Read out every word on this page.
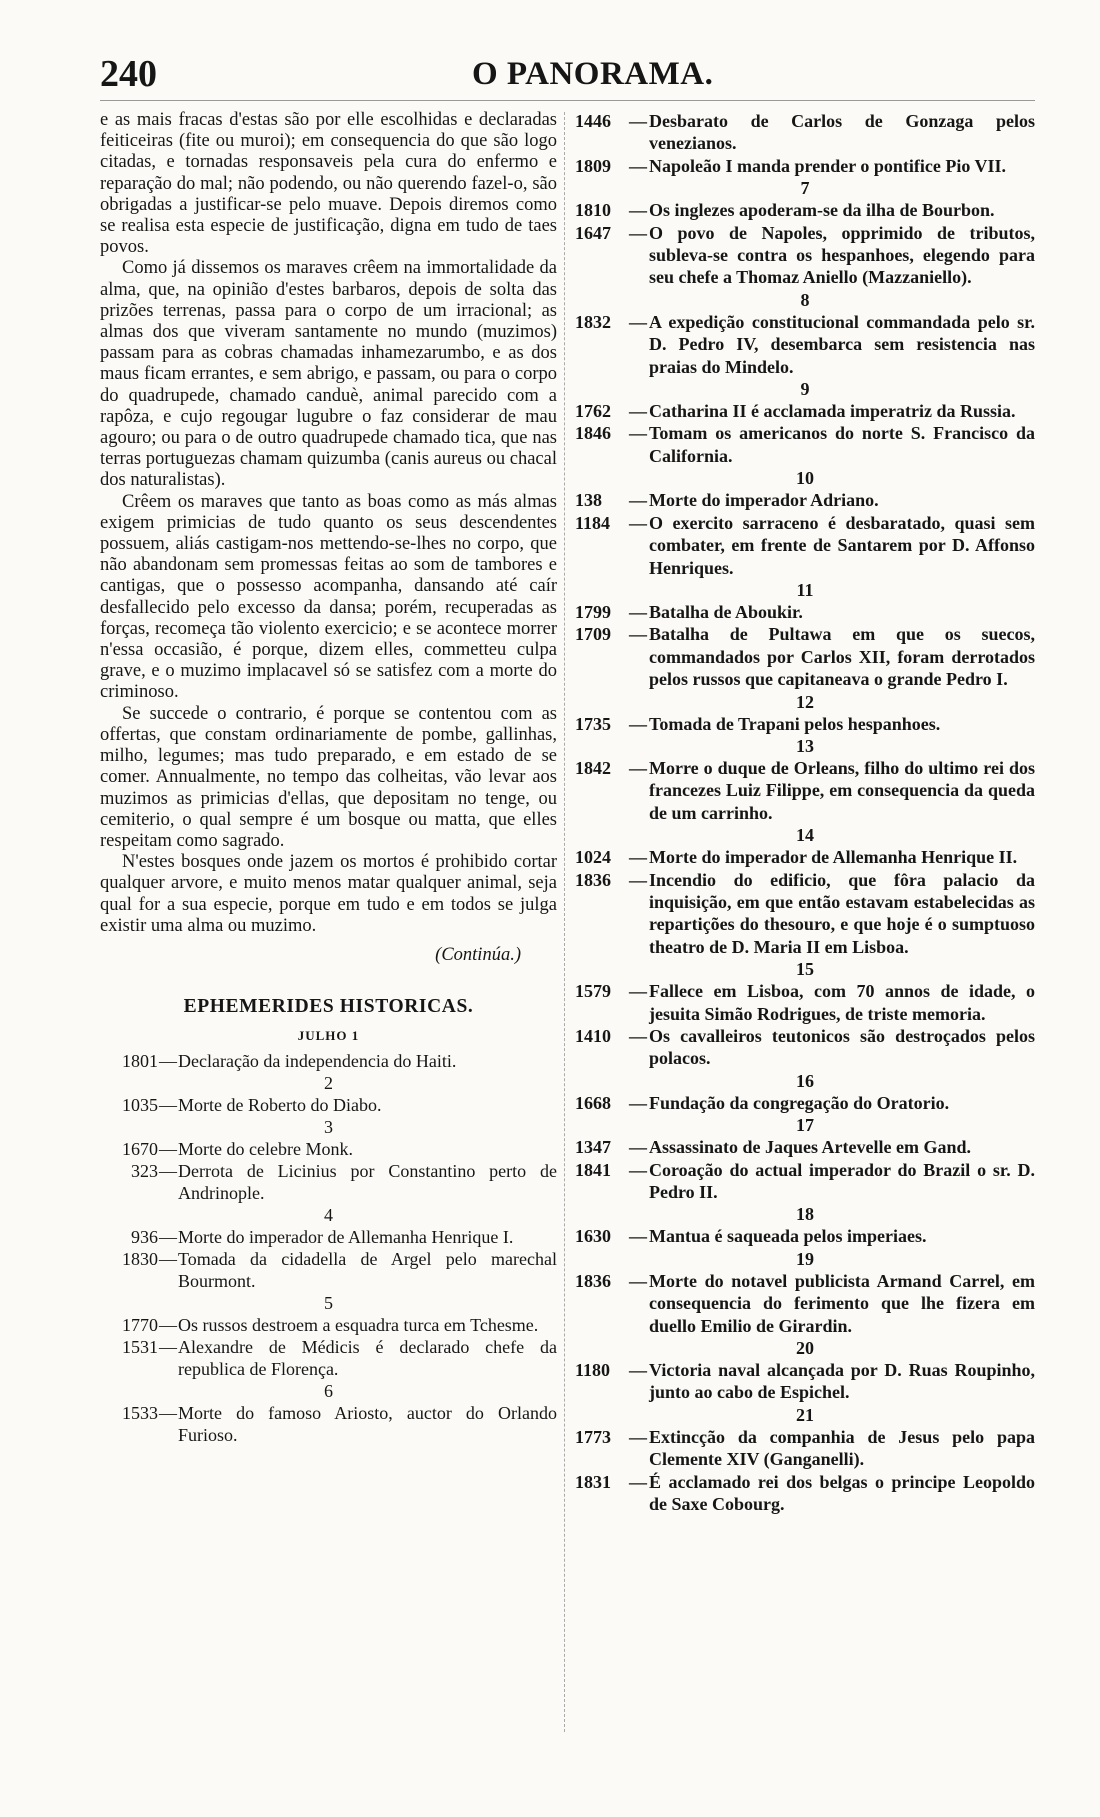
240	O PANORAMA.

e as mais fracas d'estas são por elle escolhidas e declaradas feiticeiras (fite ou muroi); em consequencia do que são logo citadas, e tornadas responsaveis pela cura do enfermo e reparação do mal; não podendo, ou não querendo fazel-o, são obrigadas a justificar-se pelo muave. Depois diremos como se realisa esta especie de justificação, digna em tudo de taes povos.

Como já dissemos os maraves crêem na immortalidade da alma, que, na opinião d'estes barbaros, depois de solta das prizões terrenas, passa para o corpo de um irracional; as almas dos que viveram santamente no mundo (muzimos) passam para as cobras chamadas inhamezarumbo, e as dos maus ficam errantes, e sem abrigo, e passam, ou para o corpo do quadrupede, chamado canduè, animal parecido com a rapôza, e cujo regougar lugubre o faz considerar de mau agouro; ou para o de outro quadrupede chamado tica, que nas terras portuguezas chamam quizumba (canis aureus ou chacal dos naturalistas).

Crêem os maraves que tanto as boas como as más almas exigem primicias de tudo quanto os seus descendentes possuem, aliás castigam-nos mettendo-se-lhes no corpo, que não abandonam sem promessas feitas ao som de tambores e cantigas, que o possesso acompanha, dansando até caír desfallecido pelo excesso da dansa; porém, recuperadas as forças, recomeça tão violento exercicio; e se acontece morrer n'essa occasião, é porque, dizem elles, commetteu culpa grave, e o muzimo implacavel só se satisfez com a morte do criminoso.

Se succede o contrario, é porque se contentou com as offertas, que constam ordinariamente de pombe, gallinhas, milho, legumes; mas tudo preparado, e em estado de se comer. Annualmente, no tempo das colheitas, vão levar aos muzimos as primicias d'ellas, que depositam no tenge, ou cemiterio, o qual sempre é um bosque ou matta, que elles respeitam como sagrado.

N'estes bosques onde jazem os mortos é prohibido cortar qualquer arvore, e muito menos matar qualquer animal, seja qual for a sua especie, porque em tudo e em todos se julga existir uma alma ou muzimo.

(Continúa.)
EPHEMERIDES HISTORICAS.
JULHO 1
1801 — Declaração da independencia do Haiti.
2
1035 — Morte de Roberto do Diabo.
3
1670 — Morte do celebre Monk.
323 — Derrota de Licinius por Constantino perto de Andrinople.
4
936 — Morte do imperador de Allemanha Henrique I.
1830 — Tomada da cidadella de Argel pelo marechal Bourmont.
5
1770 — Os russos destroem a esquadra turca em Tchesme.
1531 — Alexandre de Médicis é declarado chefe da republica de Florença.
6
1533 — Morte do famoso Ariosto, auctor do Orlando Furioso.
1446	— Desbarato de Carlos de Gonzaga pelos venezianos.
1809	— Napoleão I manda prender o pontifice Pio VII.
7
1810	— Os inglezes apoderam-se da ilha de Bourbon.
1647	— O povo de Napoles, opprimido de tributos, subleva-se contra os hespanhoes, elegendo para seu chefe a Thomaz Aniello (Mazzaniello).
8
1832	— A expedição constitucional commandada pelo sr. D. Pedro IV, desembarca sem resistencia nas praias do Mindelo.
9
1762	— Catharina II é acclamada imperatriz da Russia.
1846	— Tomam os americanos do norte S. Francisco da California.
10
138	— Morte do imperador Adriano.
1184	— O exercito sarraceno é desbaratado, quasi sem combater, em frente de Santarem por D. Affonso Henriques.
11
1799	— Batalha de Aboukir.
1709	— Batalha de Pultawa em que os suecos, commandados por Carlos XII, foram derrotados pelos russos que capitaneava o grande Pedro I.
12
1735	— Tomada de Trapani pelos hespanhoes.
13
1842	— Morre o duque de Orleans, filho do ultimo rei dos francezes Luiz Filippe, em consequencia da queda de um carrinho.
14
1024	— Morte do imperador de Allemanha Henrique II.
1836	— Incendio do edificio, que fôra palacio da inquisição, em que então estavam estabelecidas as repartições do thesouro, e que hoje é o sumptuoso theatro de D. Maria II em Lisboa.
15
1579	— Fallece em Lisboa, com 70 annos de idade, o jesuita Simão Rodrigues, de triste memoria.
1410	— Os cavalleiros teutonicos são destroçados pelos polacos.
16
1668	— Fundação da congregação do Oratorio.
17
1347	— Assassinato de Jaques Artevelle em Gand.
1841	— Coroação do actual imperador do Brazil o sr. D. Pedro II.
18
1630	— Mantua é saqueada pelos imperiaes.
19
1836	— Morte do notavel publicista Armand Carrel, em consequencia do ferimento que lhe fizera em duello Emilio de Girardin.
20
1180	— Victoria naval alcançada por D. Ruas Roupinho, junto ao cabo de Espichel.
21
1773	— Extincção da companhia de Jesus pelo papa Clemente XIV (Ganganelli).
1831	— É acclamado rei dos belgas o principe Leopoldo de Saxe Cobourg.
